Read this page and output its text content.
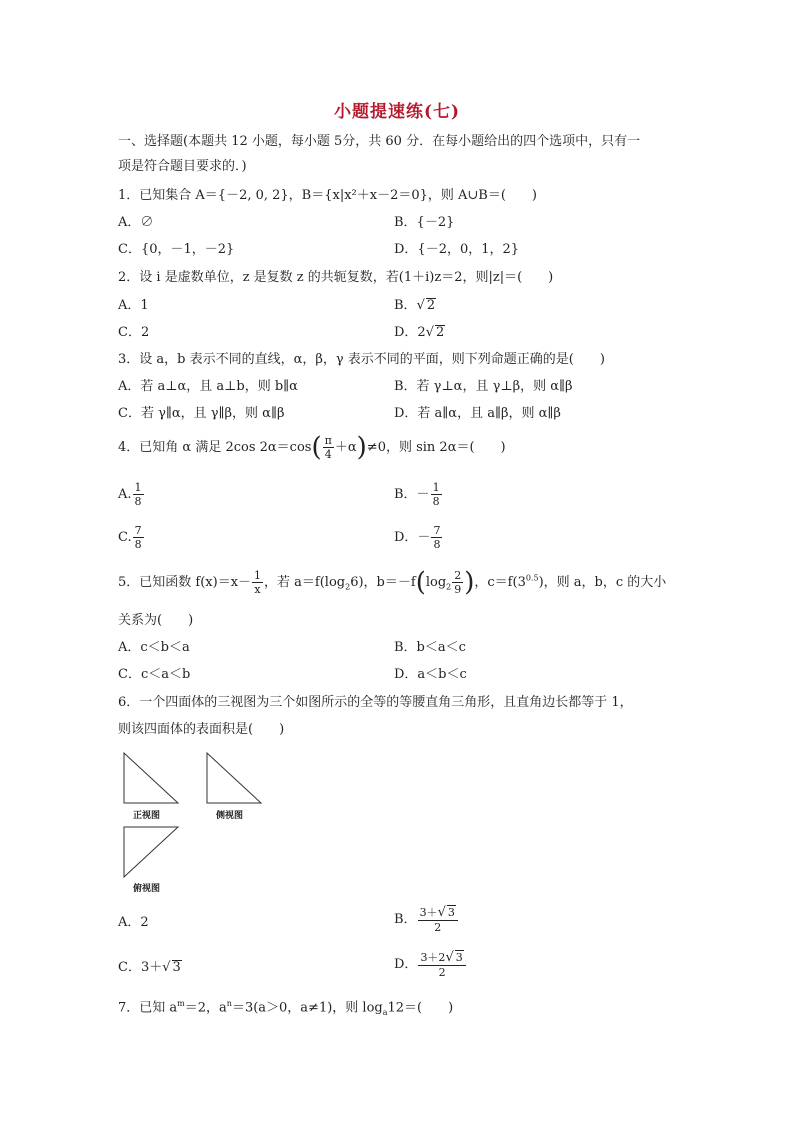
小题提速练(七)
一、选择题(本题共 12 小题，每小题 5分，共 60 分．在每小题给出的四个选项中，只有一
项是符合题目要求的．)
1．已知集合 A＝{－2, 0, 2}，B＝{x|x²＋x－2＝0}，则 A∪B＝(　　)
A．∅	B．{－2}
C．{0，－1，－2}	D．{－2，0，1，2}
2．设 i 是虚数单位，z 是复数 z 的共轭复数，若(1＋i)z＝2，则|z|＝(　　)
A．1	B．√ 2
C．2	D．2√ 2
3．设 a，b 表示不同的直线，α，β，γ 表示不同的平面，则下列命题正确的是(　　)
A．若 a⊥α，且 a⊥b，则 b∥α	B．若 γ⊥α，且 γ⊥β，则 α∥β
C．若 γ∥α，且 γ∥β，则 α∥β	D．若 a∥α，且 a∥β，则 α∥β
4．已知角 α 满足 2cos $2\alpha=\cos( \frac{\pi}{4} +\alpha)\ne 0$，则 sin 2α＝(　　)
A. $\frac{1}{8}$	B．－ $\frac{1}{8}$
C. $\frac{7}{8}$	D．－ $\frac{7}{8}$
5．已知函数 $f(x)=x- \frac{1}{x}$ ，若 $a=f(\log_26)$，$b=-f(\log_2 \frac{2}{9}$ )，$c=f(3^{0.5})$，则 a，b，c 的大小
关系为(　　)
A．c＜b＜a	B．b＜a＜c
C．c＜a＜b	D．a＜b＜c
6．一个四面体的三视图为三个如图所示的全等的等腰直角三角形，且直角边长都等于 1，
则该四面体的表面积是(　　)
正视图	侧视图
俯视图
A．2	B． $\frac{3+√ 3}{2}$
C．3＋√ 3	D． $\frac{3+2√ 3}{2}$
7．已知 $a^m=2$，$a^n=3(a>0$，a≠1)，则 $\log_a12=$(　　)
